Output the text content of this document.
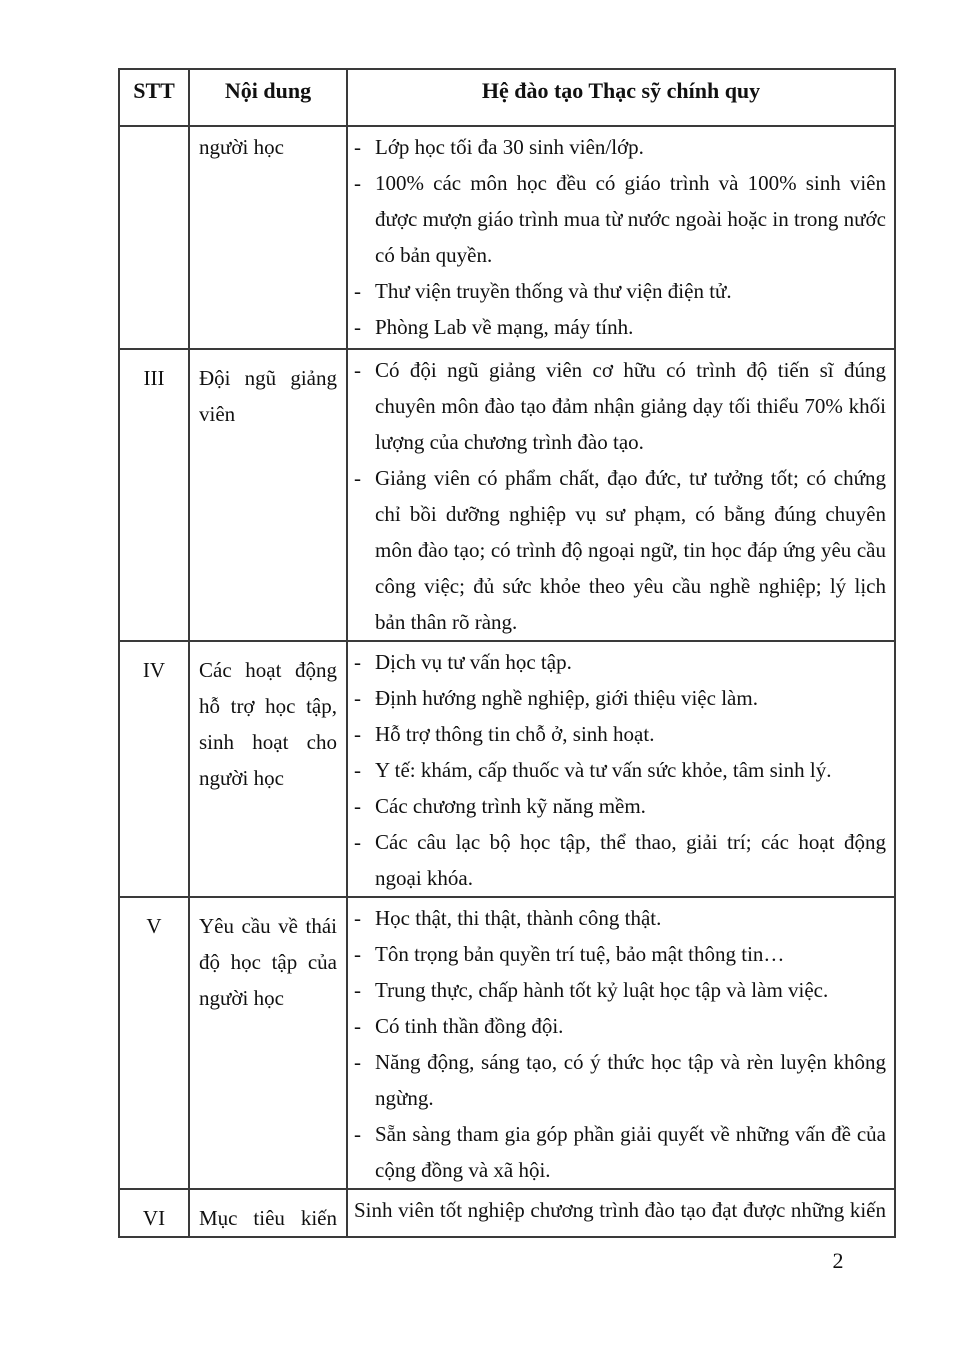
STT	Nội dung	Hệ đào tạo Thạc sỹ chính quy
	người học	- Lớp học tối đa 30 sinh viên/lớp.
- 100% các môn học đều có giáo trình và 100% sinh viên được mượn giáo trình mua từ nước ngoài hoặc in trong nước có bản quyền.
- Thư viện truyền thống và thư viện điện tử.
- Phòng Lab về mạng, máy tính.

III	Đội ngũ giảng viên	- Có đội ngũ giảng viên cơ hữu có trình độ tiến sĩ đúng chuyên môn đào tạo đảm nhận giảng dạy tối thiểu 70% khối lượng của chương trình đào tạo.
- Giảng viên có phẩm chất, đạo đức, tư tưởng tốt; có chứng chỉ bồi dưỡng nghiệp vụ sư phạm, có bằng đúng chuyên môn đào tạo; có trình độ ngoại ngữ, tin học đáp ứng yêu cầu công việc; đủ sức khỏe theo yêu cầu nghề nghiệp; lý lịch bản thân rõ ràng.

IV	Các hoạt động hỗ trợ học tập, sinh hoạt cho người học	
- Dịch vụ tư vấn học tập.
- Định hướng nghề nghiệp, giới thiệu việc làm.
- Hỗ trợ thông tin chỗ ở, sinh hoạt.
- Y tế: khám, cấp thuốc và tư vấn sức khỏe, tâm sinh lý.
- Các chương trình kỹ năng mềm.
- Các câu lạc bộ học tập, thể thao, giải trí; các hoạt động ngoại khóa.

V	Yêu cầu về thái độ học tập của người học	
- Học thật, thi thật, thành công thật.
- Tôn trọng bản quyền trí tuệ, bảo mật thông tin…
- Trung thực, chấp hành tốt kỷ luật học tập và làm việc.
- Có tinh thần đồng đội.
- Năng động, sáng tạo, có ý thức học tập và rèn luyện không ngừng.
- Sẵn sàng tham gia góp phần giải quyết về những vấn đề của cộng đồng và xã hội.

VI	Mục tiêu kiến	Sinh viên tốt nghiệp chương trình đào tạo đạt được những kiến
2
